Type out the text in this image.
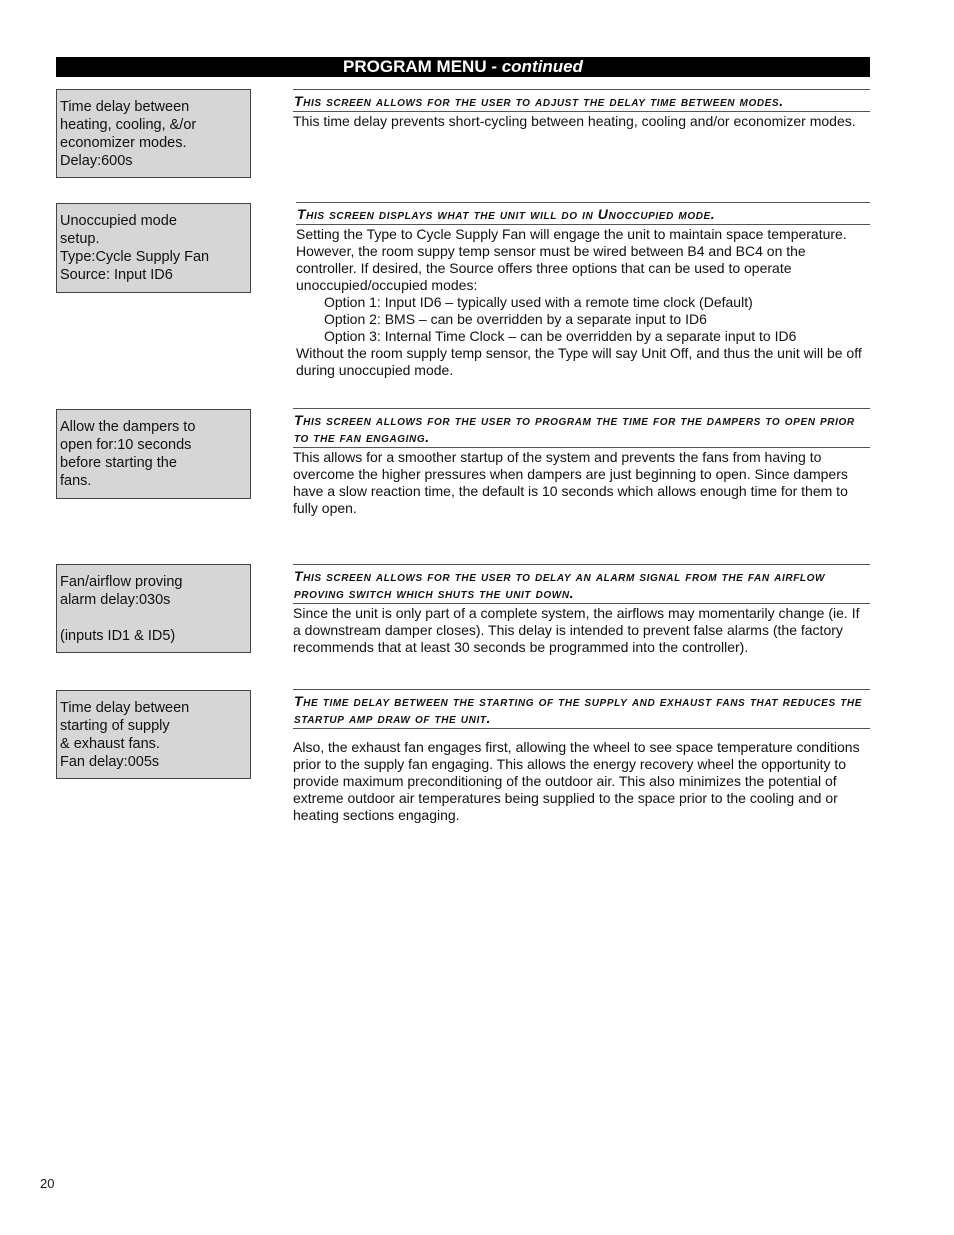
PROGRAM MENU - continued
Time delay between
heating, cooling, &/or
economizer modes.
Delay:600s
This screen allows for the user to adjust the delay time between modes.

This time delay prevents short-cycling between heating, cooling and/or economizer modes.

Unoccupied mode
setup.
Type:Cycle Supply Fan
Source: Input ID6
This screen displays what the unit will do in Unoccupied mode.

Setting the Type to Cycle Supply Fan will engage the unit to maintain space temperature. However, the room suppy temp sensor must be wired between B4 and BC4 on the controller. If desired, the Source offers three options that can be used to operate unoccupied/occupied modes:

Option 1: Input ID6 – typically used with a remote time clock (Default)

Option 2: BMS – can be overridden by a separate input to ID6

Option 3: Internal Time Clock – can be overridden by a separate input to ID6

Without the room supply temp sensor, the Type will say Unit Off, and thus the unit will be off during unoccupied mode.

Allow the dampers to
open for:10 seconds
before starting the
fans.
This screen allows for the user to program the time for the dampers to open prior to the fan engaging.

This allows for a smoother startup of the system and prevents the fans from having to overcome the higher pressures when dampers are just beginning to open. Since dampers have a slow reaction time, the default is 10 seconds which allows enough time for them to fully open.

Fan/airflow proving
alarm delay:030s
(inputs ID1 & ID5)
This screen allows for the user to delay an alarm signal from the fan airflow proving switch which shuts the unit down.

Since the unit is only part of a complete system, the airflows may momentarily change (ie. If a downstream damper closes). This delay is intended to prevent false alarms (the factory recommends that at least 30 seconds be programmed into the controller).

Time delay between
starting of supply
& exhaust fans.
Fan delay:005s
The time delay between the starting of the supply and exhaust fans that reduces the startup amp draw of the unit.

Also, the exhaust fan engages first, allowing the wheel to see space temperature conditions prior to the supply fan engaging. This allows the energy recovery wheel the opportunity to provide maximum preconditioning of the outdoor air. This also minimizes the potential of extreme outdoor air temperatures being supplied to the space prior to the cooling and or heating sections engaging.

20
